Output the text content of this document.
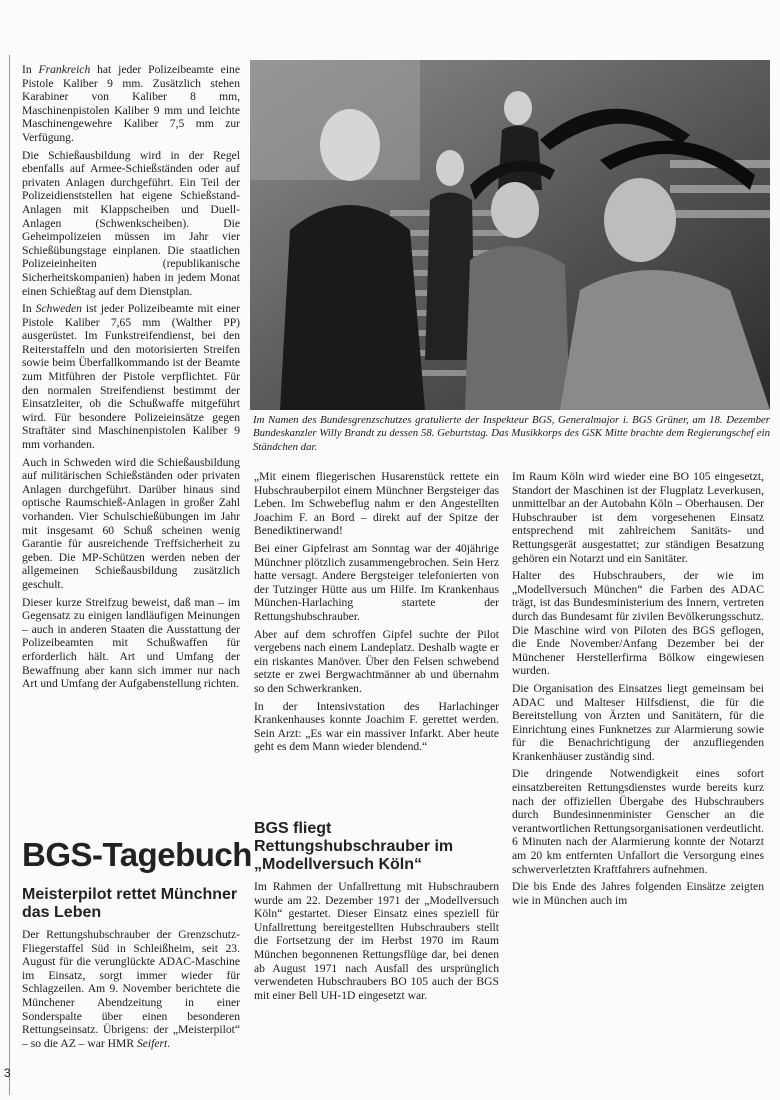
In Frankreich hat jeder Polizeibeamte eine Pistole Kaliber 9 mm. Zusätzlich stehen Karabiner von Kaliber 8 mm, Maschinenpistolen Kaliber 9 mm und leichte Maschinengewehre Kaliber 7,5 mm zur Verfügung.

Die Schießausbildung wird in der Regel ebenfalls auf Armee-Schießständen oder auf privaten Anlagen durchgeführt. Ein Teil der Polizeidienststellen hat eigene Schießstand-Anlagen mit Klappscheiben und Duell-Anlagen (Schwenkscheiben). Die Geheimpolizeien müssen im Jahr vier Schießübungstage einplanen. Die staatlichen Polizeieinheiten (republikanische Sicherheitskompanien) haben in jedem Monat einen Schießtag auf dem Dienstplan.

In Schweden ist jeder Polizeibeamte mit einer Pistole Kaliber 7,65 mm (Walther PP) ausgerüstet. Im Funkstreifendienst, bei den Reiterstaffeln und den motorisierten Streifen sowie beim Überfallkommando ist der Beamte zum Mitführen der Pistole verpflichtet. Für den normalen Streifendienst bestimmt der Einsatzleiter, ob die Schußwaffe mitgeführt wird. Für besondere Polizeieinsätze gegen Straftäter sind Maschinenpistolen Kaliber 9 mm vorhanden.

Auch in Schweden wird die Schießausbildung auf militärischen Schießständen oder privaten Anlagen durchgeführt. Darüber hinaus sind optische Raumschieß-Anlagen in großer Zahl vorhanden. Vier Schulschießübungen im Jahr mit insgesamt 60 Schuß scheinen wenig Garantie für ausreichende Treffsicherheit zu geben. Die MP-Schützen werden neben der allgemeinen Schießausbildung zusätzlich geschult.

Dieser kurze Streifzug beweist, daß man – im Gegensatz zu einigen landläufigen Meinungen – auch in anderen Staaten die Ausstattung der Polizeibeamten mit Schußwaffen für erforderlich hält. Art und Umfang der Bewaffnung aber kann sich immer nur nach Art und Umfang der Aufgabenstellung richten.

Im Namen des Bundesgrenzschutzes gratulierte der Inspekteur BGS, Generalmajor i. BGS Grüner, am 18. Dezember Bundeskanzler Willy Brandt zu dessen 58. Geburtstag. Das Musikkorps des GSK Mitte brachte dem Regierungschef ein Ständchen dar.
BGS-Tagebuch
Meisterpilot rettet Münchner das Leben

Der Rettungshubschrauber der Grenzschutz-Fliegerstaffel Süd in Schleißheim, seit 23. August für die verunglückte ADAC-Maschine im Einsatz, sorgt immer wieder für Schlagzeilen. Am 9. November berichtete die Münchener Abendzeitung in einer Sonderspalte über einen besonderen Rettungseinsatz. Übrigens: der „Meisterpilot“ – so die AZ – war HMR Seifert.

„Mit einem fliegerischen Husarenstück rettete ein Hubschrauberpilot einem Münchner Bergsteiger das Leben. Im Schwebeflug nahm er den Angestellten Joachim F. an Bord – direkt auf der Spitze der Benediktinerwand!

Bei einer Gipfelrast am Sonntag war der 40jährige Münchner plötzlich zusammengebrochen. Sein Herz hatte versagt. Andere Bergsteiger telefonierten von der Tutzinger Hütte aus um Hilfe. Im Krankenhaus München-Harlaching startete der Rettungshubschrauber.

Aber auf dem schroffen Gipfel suchte der Pilot vergebens nach einem Landeplatz. Deshalb wagte er ein riskantes Manöver. Über den Felsen schwebend setzte er zwei Bergwachtmänner ab und übernahm so den Schwerkranken.

In der Intensivstation des Harlachinger Krankenhauses konnte Joachim F. gerettet werden. Sein Arzt: „Es war ein massiver Infarkt. Aber heute geht es dem Mann wieder blendend.“

BGS fliegt Rettungshubschrauber im „Modellversuch Köln“

Im Rahmen der Unfallrettung mit Hubschraubern wurde am 22. Dezember 1971 der „Modellversuch Köln“ gestartet. Dieser Einsatz eines speziell für Unfallrettung bereitgestellten Hubschraubers stellt die Fortsetzung der im Herbst 1970 im Raum München begonnenen Rettungsflüge dar, bei denen ab August 1971 nach Ausfall des ursprünglich verwendeten Hubschraubers BO 105 auch der BGS mit einer Bell UH-1D eingesetzt war.

Im Raum Köln wird wieder eine BO 105 eingesetzt, Standort der Maschinen ist der Flugplatz Leverkusen, unmittelbar an der Autobahn Köln – Oberhausen. Der Hubschrauber ist dem vorgesehenen Einsatz entsprechend mit zahlreichem Sanitäts- und Rettungsgerät ausgestattet; zur ständigen Besatzung gehören ein Notarzt und ein Sanitäter.

Halter des Hubschraubers, der wie im „Modellversuch München“ die Farben des ADAC trägt, ist das Bundesministerium des Innern, vertreten durch das Bundesamt für zivilen Bevölkerungsschutz. Die Maschine wird von Piloten des BGS geflogen, die Ende November/Anfang Dezember bei der Münchener Herstellerfirma Bölkow eingewiesen wurden.

Die Organisation des Einsatzes liegt gemeinsam bei ADAC und Malteser Hilfsdienst, die für die Bereitstellung von Ärzten und Sanitätern, für die Einrichtung eines Funknetzes zur Alarmierung sowie für die Benachrichtigung der anzufliegenden Krankenhäuser zuständig sind.

Die dringende Notwendigkeit eines sofort einsatzbereiten Rettungsdienstes wurde bereits kurz nach der offiziellen Übergabe des Hubschraubers durch Bundesinnenminister Genscher an die verantwortlichen Rettungsorganisationen verdeutlicht. 6 Minuten nach der Alarmierung konnte der Notarzt am 20 km entfernten Unfallort die Versorgung eines schwerverletzten Kraftfahrers aufnehmen.

Die bis Ende des Jahres folgenden Einsätze zeigten wie in München auch im

3
